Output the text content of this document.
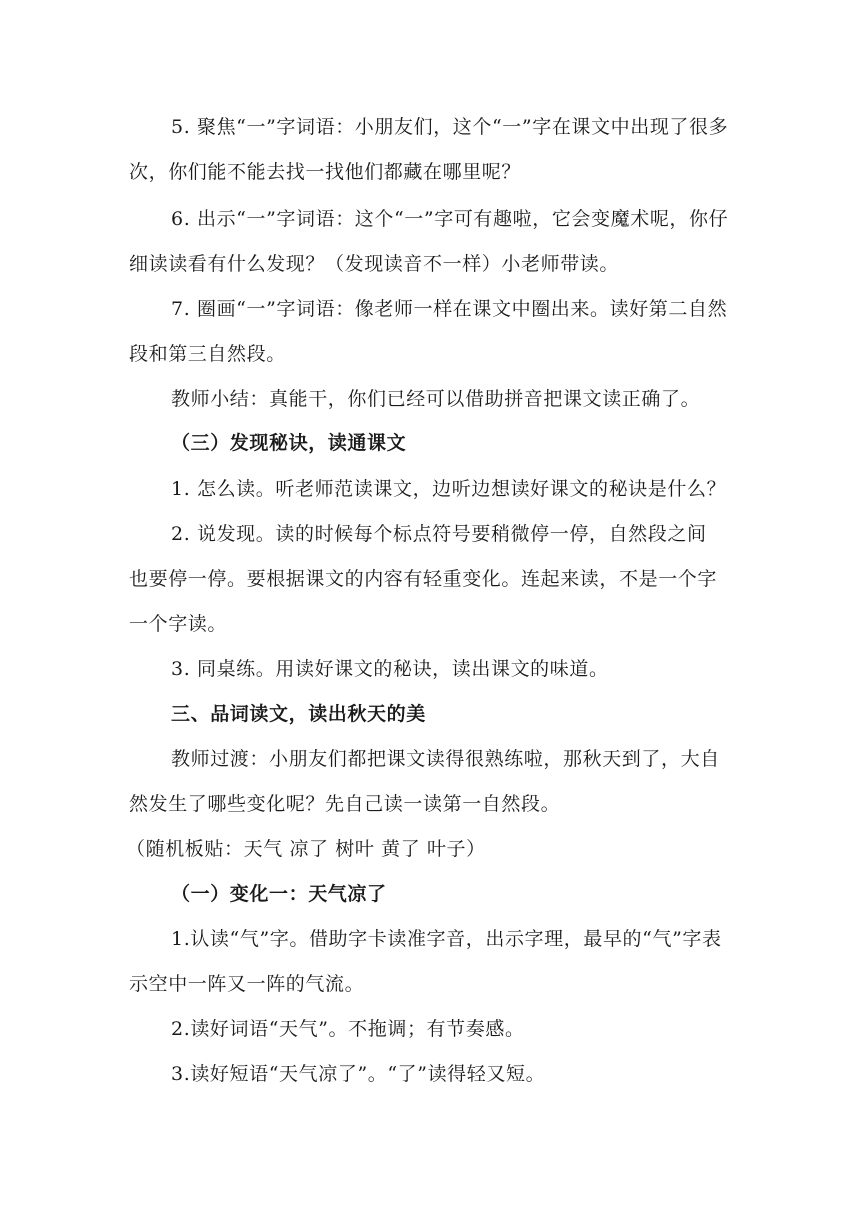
5. 聚焦“一”字词语：小朋友们，这个“一”字在课文中出现了很多
次，你们能不能去找一找他们都藏在哪里呢？
6. 出示“一”字词语：这个“一”字可有趣啦，它会变魔术呢，你仔
细读读看有什么发现？（发现读音不一样）小老师带读。
7. 圈画“一”字词语：像老师一样在课文中圈出来。读好第二自然
段和第三自然段。
教师小结：真能干，你们已经可以借助拼音把课文读正确了。
（三）发现秘诀，读通课文
1. 怎么读。听老师范读课文，边听边想读好课文的秘诀是什么？
2. 说发现。读的时候每个标点符号要稍微停一停，自然段之间
也要停一停。要根据课文的内容有轻重变化。连起来读，不是一个字
一个字读。
3. 同桌练。用读好课文的秘诀，读出课文的味道。
三、品词读文，读出秋天的美
教师过渡：小朋友们都把课文读得很熟练啦，那秋天到了，大自
然发生了哪些变化呢？先自己读一读第一自然段。
（随机板贴：天气 凉了 树叶 黄了 叶子）
（一）变化一：天气凉了
1.认读“气”字。借助字卡读准字音，出示字理，最早的“气”字表
示空中一阵又一阵的气流。
2.读好词语“天气”。不拖调；有节奏感。
3.读好短语“天气凉了”。“了”读得轻又短。
